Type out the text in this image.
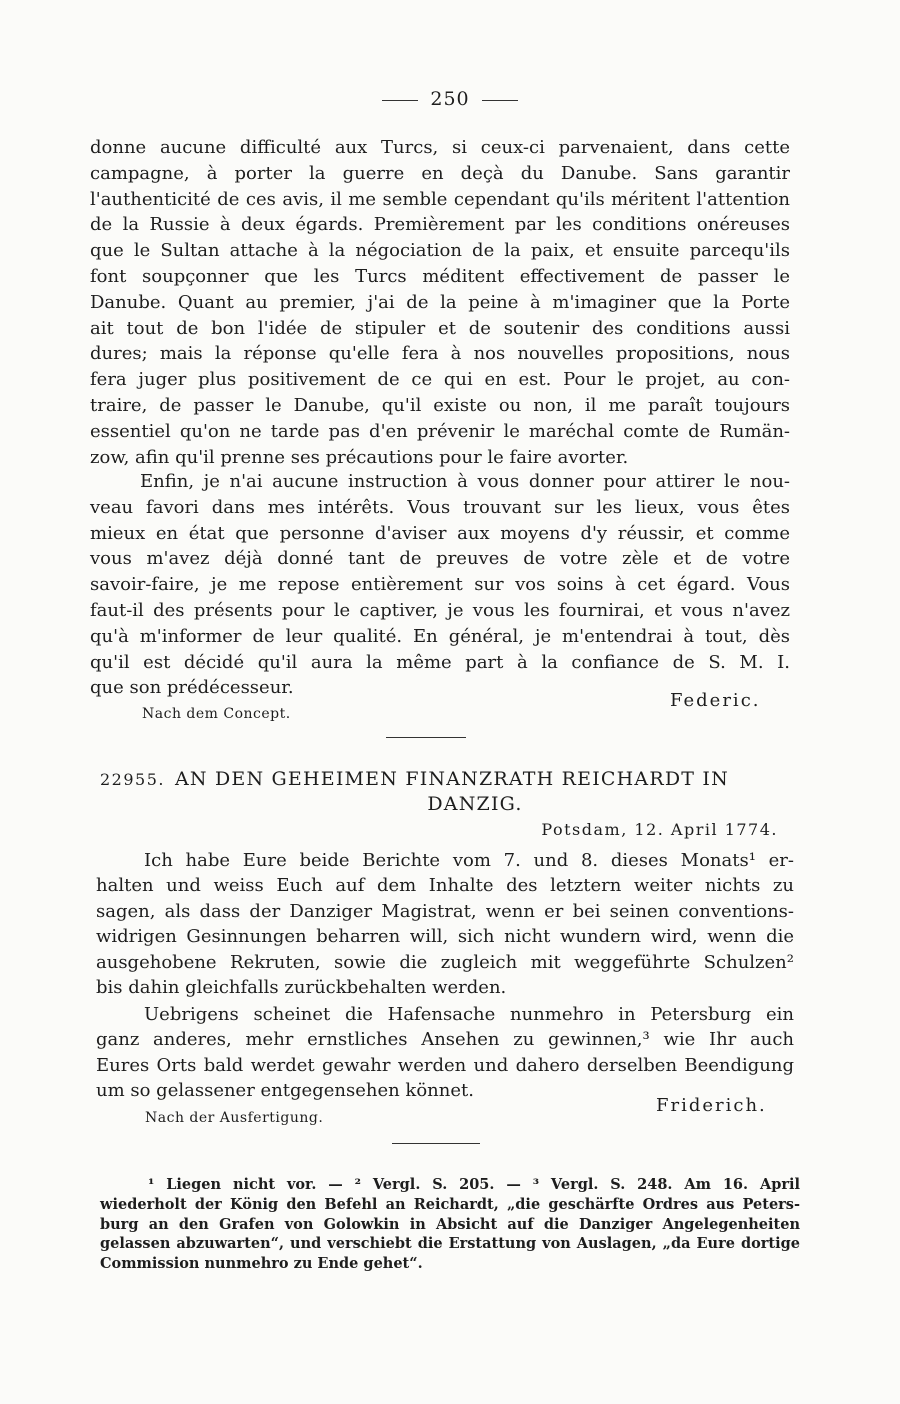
250
donne aucune difficulté aux Turcs, si ceux-ci parvenaient, dans cette
campagne, à porter la guerre en deçà du Danube. Sans garantir
l'authenticité de ces avis, il me semble cependant qu'ils méritent l'attention
de la Russie à deux égards. Premièrement par les conditions onéreuses
que le Sultan attache à la négociation de la paix, et ensuite parcequ'ils
font soupçonner que les Turcs méditent effectivement de passer le
Danube. Quant au premier, j'ai de la peine à m'imaginer que la Porte
ait tout de bon l'idée de stipuler et de soutenir des conditions aussi
dures; mais la réponse qu'elle fera à nos nouvelles propositions, nous
fera juger plus positivement de ce qui en est. Pour le projet, au con-
traire, de passer le Danube, qu'il existe ou non, il me paraît toujours
essentiel qu'on ne tarde pas d'en prévenir le maréchal comte de Rumän-
zow, afin qu'il prenne ses précautions pour le faire avorter.
Enfin, je n'ai aucune instruction à vous donner pour attirer le nou-
veau favori dans mes intérêts. Vous trouvant sur les lieux, vous êtes
mieux en état que personne d'aviser aux moyens d'y réussir, et comme
vous m'avez déjà donné tant de preuves de votre zèle et de votre
savoir-faire, je me repose entièrement sur vos soins à cet égard. Vous
faut-il des présents pour le captiver, je vous les fournirai, et vous n'avez
qu'à m'informer de leur qualité. En général, je m'entendrai à tout, dès
qu'il est décidé qu'il aura la même part à la confiance de S. M. I.
que son prédécesseur.
Federic.
Nach dem Concept.
22955. AN DEN GEHEIMEN FINANZRATH REICHARDT IN
DANZIG.
Potsdam, 12. April 1774.
Ich habe Eure beide Berichte vom 7. und 8. dieses Monats¹ er-
halten und weiss Euch auf dem Inhalte des letztern weiter nichts zu
sagen, als dass der Danziger Magistrat, wenn er bei seinen conventions-
widrigen Gesinnungen beharren will, sich nicht wundern wird, wenn die
ausgehobene Rekruten, sowie die zugleich mit weggeführte Schulzen²
bis dahin gleichfalls zurückbehalten werden.
Uebrigens scheinet die Hafensache nunmehro in Petersburg ein
ganz anderes, mehr ernstliches Ansehen zu gewinnen,³ wie Ihr auch
Eures Orts bald werdet gewahr werden und dahero derselben Beendigung
um so gelassener entgegensehen könnet.
Friderich.
Nach der Ausfertigung.
¹ Liegen nicht vor. — ² Vergl. S. 205. — ³ Vergl. S. 248. Am 16. April
wiederholt der König den Befehl an Reichardt, „die geschärfte Ordres aus Peters-
burg an den Grafen von Golowkin in Absicht auf die Danziger Angelegenheiten
gelassen abzuwarten“, und verschiebt die Erstattung von Auslagen, „da Eure dortige
Commission nunmehro zu Ende gehet“.
